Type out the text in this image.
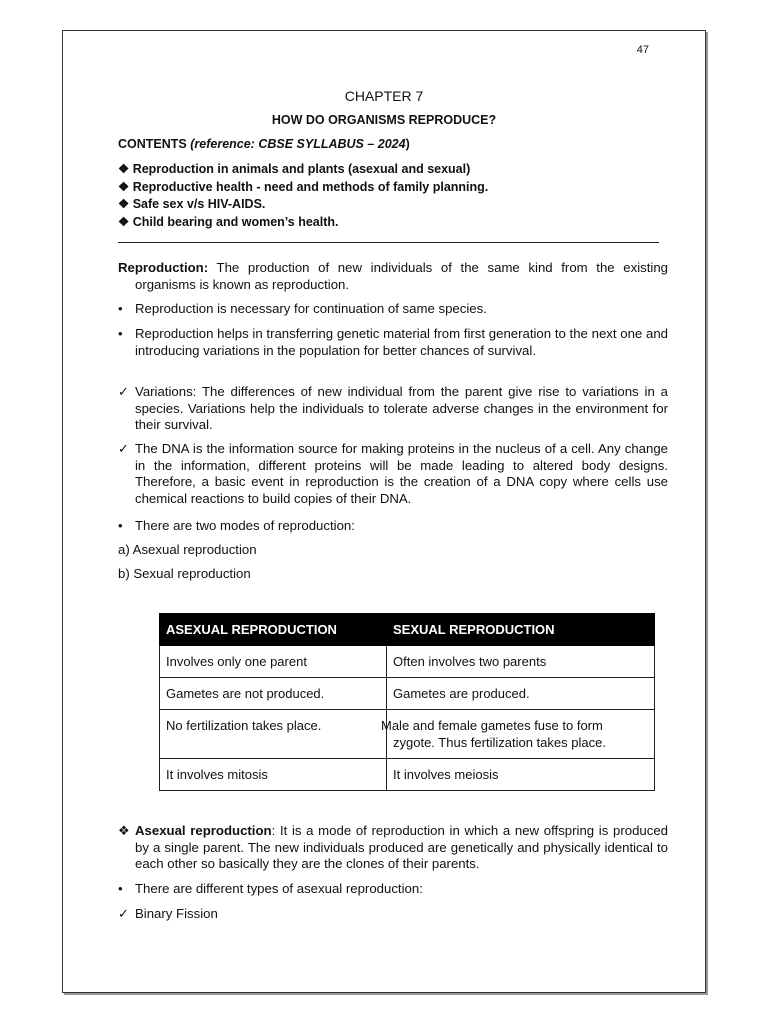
47
CHAPTER 7
HOW DO ORGANISMS REPRODUCE?
CONTENTS (reference: CBSE SYLLABUS – 2024)
❖ Reproduction in animals and plants (asexual and sexual)
❖ Reproductive health - need and methods of family planning.
❖ Safe sex v/s HIV-AIDS.
❖ Child bearing and women’s health.
Reproduction: The production of new individuals of the same kind from the existing organisms is known as reproduction.
• Reproduction is necessary for continuation of same species.
• Reproduction helps in transferring genetic material from first generation to the next one and introducing variations in the population for better chances of survival.
✓ Variations: The differences of new individual from the parent give rise to variations in a species. Variations help the individuals to tolerate adverse changes in the environment for their survival.
✓ The DNA is the information source for making proteins in the nucleus of a cell. Any change in the information, different proteins will be made leading to altered body designs. Therefore, a basic event in reproduction is the creation of a DNA copy where cells use chemical reactions to build copies of their DNA.
• There are two modes of reproduction:
a) Asexual reproduction
b) Sexual reproduction
ASEXUAL REPRODUCTION	SEXUAL REPRODUCTION
Involves only one parent	Often involves two parents
Gametes are not produced.	Gametes are produced.
No fertilization takes place.	Male and female gametes fuse to form zygote. Thus fertilization takes place.
It involves mitosis	It involves meiosis
❖ Asexual reproduction: It is a mode of reproduction in which a new offspring is produced by a single parent. The new individuals produced are genetically and physically identical to each other so basically they are the clones of their parents.
• There are different types of asexual reproduction:
✓ Binary Fission
